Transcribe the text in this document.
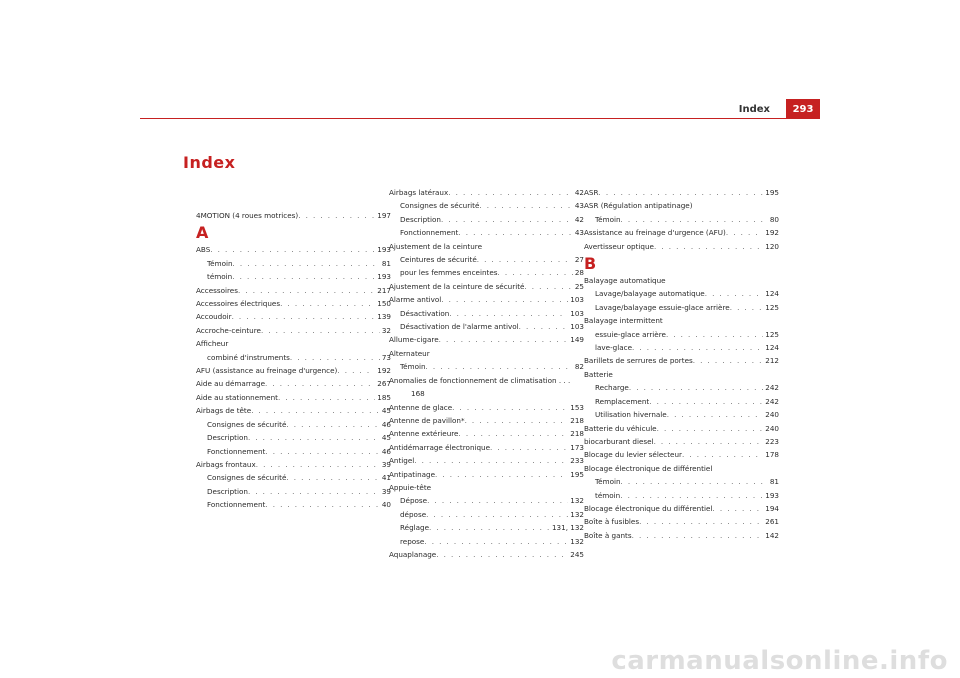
Index	293
Index
4MOTION (4 roues motrices) . . .	197
A
ABS . . .	193
Témoin . . .	81
témoin . . .	193
Accessoires . . .	217
Accessoires électriques . . .	150
Accoudoir . . .	139
Accroche-ceinture . . .	32
Afficheur
combiné d'instruments . . .	73
AFU (assistance au freinage d'urgence) . . .	192
Aide au démarrage . . .	267
Aide au stationnement . . .	185
Airbags de tête . . .	45
Consignes de sécurité . . .	46
Description . . .	45
Fonctionnement . . .	46
Airbags frontaux . . .	39
Consignes de sécurité . . .	41
Description . . .	39
Fonctionnement . . .	40
Airbags latéraux . . .	42
Consignes de sécurité . . .	43
Description . . .	42
Fonctionnement . . .	43
Ajustement de la ceinture
Ceintures de sécurité . . .	27
pour les femmes enceintes . . .	28
Ajustement de la ceinture de sécurité . . .	25
Alarme antivol . . .	103
Désactivation . . .	103
Désactivation de l'alarme antivol . . .	103
Allume-cigare . . .	149
Alternateur
Témoin . . .	82
Anomalies de fonctionnement de climatisation . . .
168
Antenne de glace . . .	153
Antenne de pavillon* . . .	218
Antenne extérieure . . .	218
Antidémarrage électronique . . .	173
Antigel . . .	233
Antipatinage . . .	195
Appuie-tête
Dépose . . .	132
dépose . . .	132
Réglage . . .	131, 132
repose . . .	132
Aquaplanage . . .	245
ASR . . .	195
ASR (Régulation antipatinage)
Témoin . . .	80
Assistance au freinage d'urgence (AFU) . . .	192
Avertisseur optique . . .	120
B
Balayage automatique
Lavage/balayage automatique . . .	124
Lavage/balayage essuie-glace arrière . . .	125
Balayage intermittent
essuie-glace arrière . . .	125
lave-glace . . .	124
Barillets de serrures de portes . . .	212
Batterie
Recharge . . .	242
Remplacement . . .	242
Utilisation hivernale . . .	240
Batterie du véhicule . . .	240
biocarburant diesel . . .	223
Blocage du levier sélecteur . . .	178
Blocage électronique de différentiel
Témoin . . .	81
témoin . . .	193
Blocage électronique du différentiel . . .	194
Boîte à fusibles . . .	261
Boîte à gants . . .	142
carmanualsonline.info
